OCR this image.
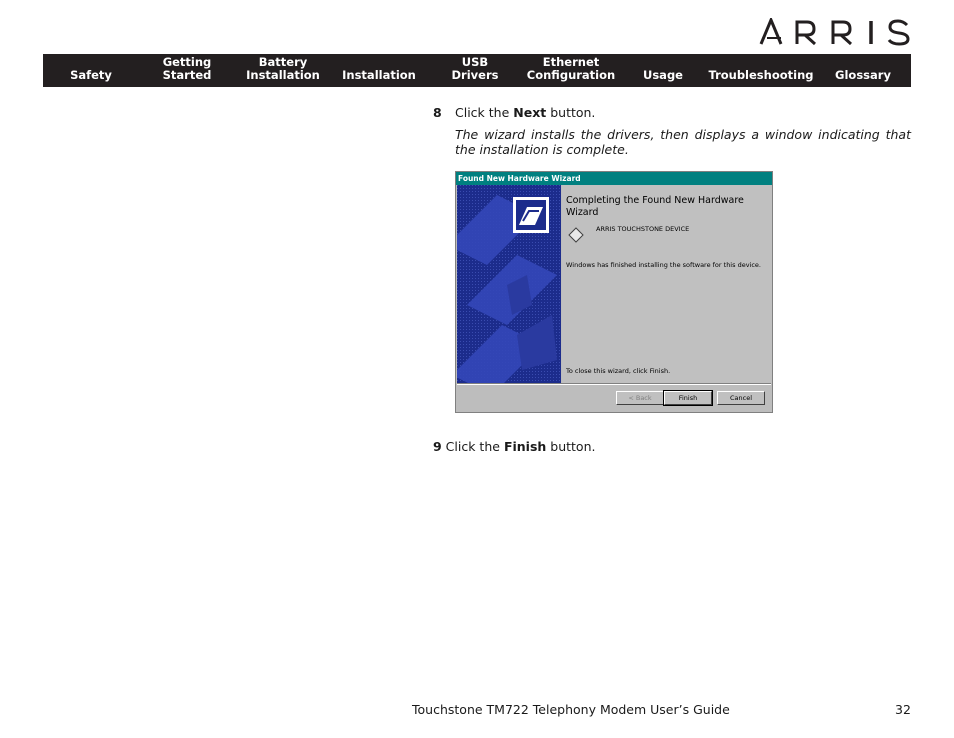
Safety
Getting
Started
Battery
Installation Installation
USB
Drivers
Ethernet
Configuration Usage Troubleshooting Glossary
8 Click the Next button.
The wizard installs the drivers, then displays a window indicating that the installation is complete.
Found New Hardware Wizard
Completing the Found New Hardware Wizard
ARRIS TOUCHSTONE DEVICE
Windows has finished installing the software for this device.
To close this wizard, click Finish.
< Back	Finish	Cancel
9 Click the Finish button.
Touchstone TM722 Telephony Modem User’s Guide	32
